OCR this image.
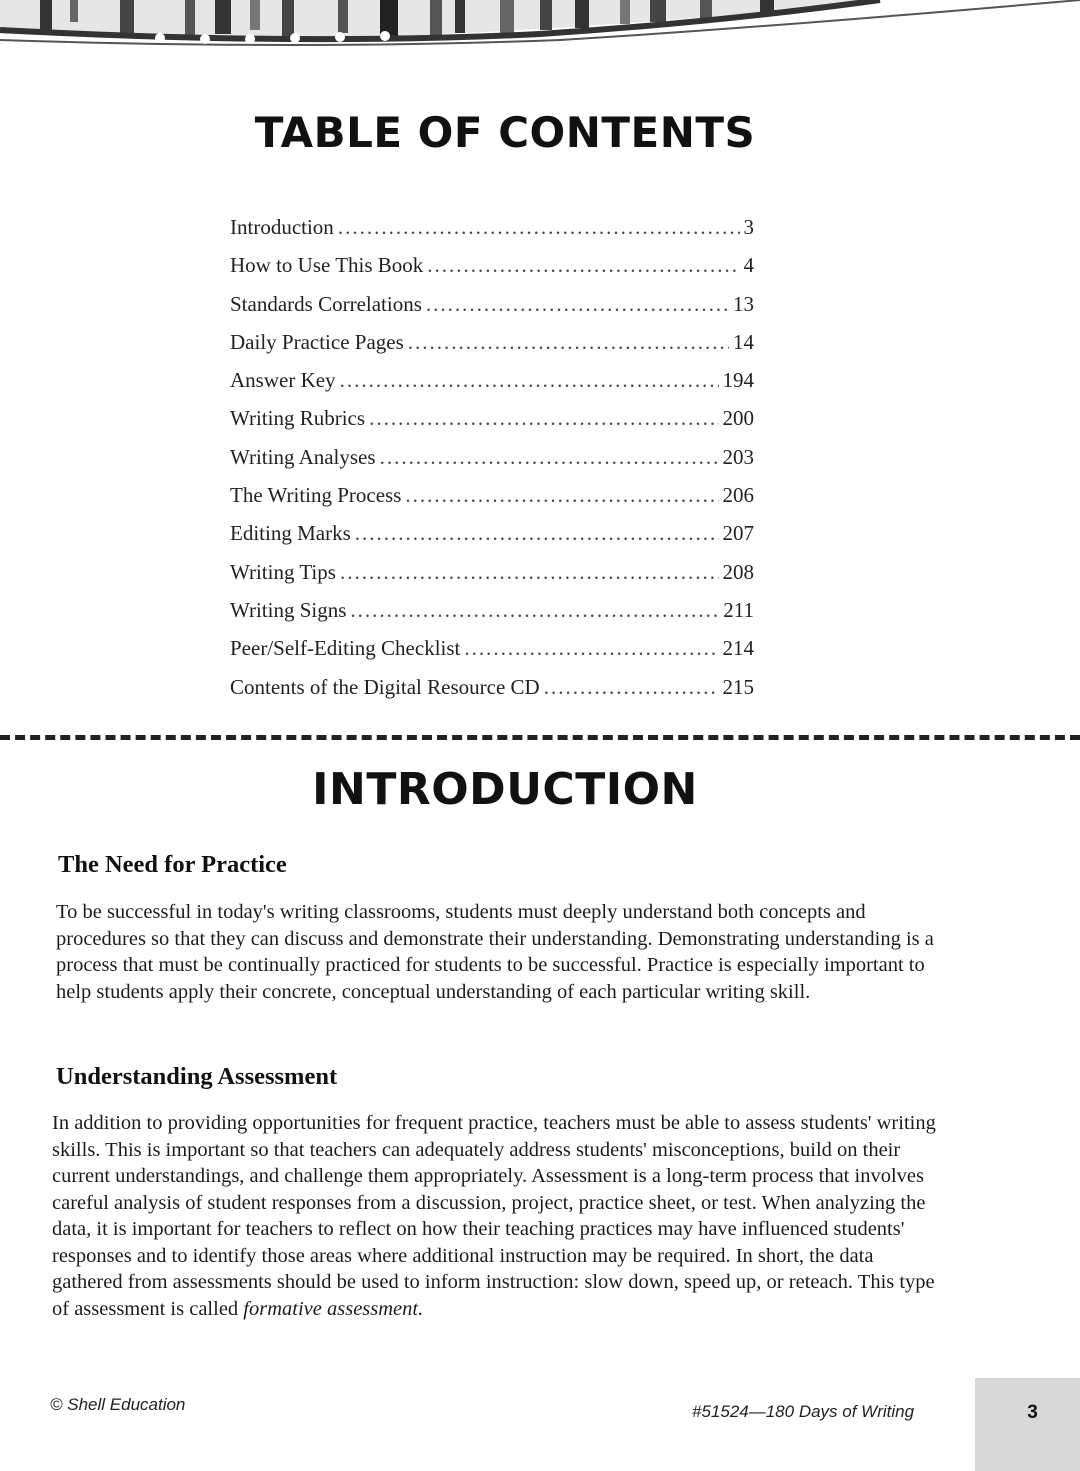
TABLE OF CONTENTS
Introduction .....	3
How to Use This Book .....	4
Standards Correlations .....	13
Daily Practice Pages .....	14
Answer Key .....	194
Writing Rubrics .....	200
Writing Analyses .....	203
The Writing Process .....	206
Editing Marks .....	207
Writing Tips .....	208
Writing Signs .....	211
Peer/Self-Editing Checklist .....	214
Contents of the Digital Resource CD .....	215
INTRODUCTION
The Need for Practice

To be successful in today's writing classrooms, students must deeply understand both concepts and procedures so that they can discuss and demonstrate their understanding. Demonstrating understanding is a process that must be continually practiced for students to be successful. Practice is especially important to help students apply their concrete, conceptual understanding of each particular writing skill.

Understanding Assessment

In addition to providing opportunities for frequent practice, teachers must be able to assess students' writing skills. This is important so that teachers can adequately address students' misconceptions, build on their current understandings, and challenge them appropriately. Assessment is a long-term process that involves careful analysis of student responses from a discussion, project, practice sheet, or test. When analyzing the data, it is important for teachers to reflect on how their teaching practices may have influenced students' responses and to identify those areas where additional instruction may be required. In short, the data gathered from assessments should be used to inform instruction: slow down, speed up, or reteach. This type of assessment is called formative assessment.

© Shell Education	#51524—180 Days of Writing	3
